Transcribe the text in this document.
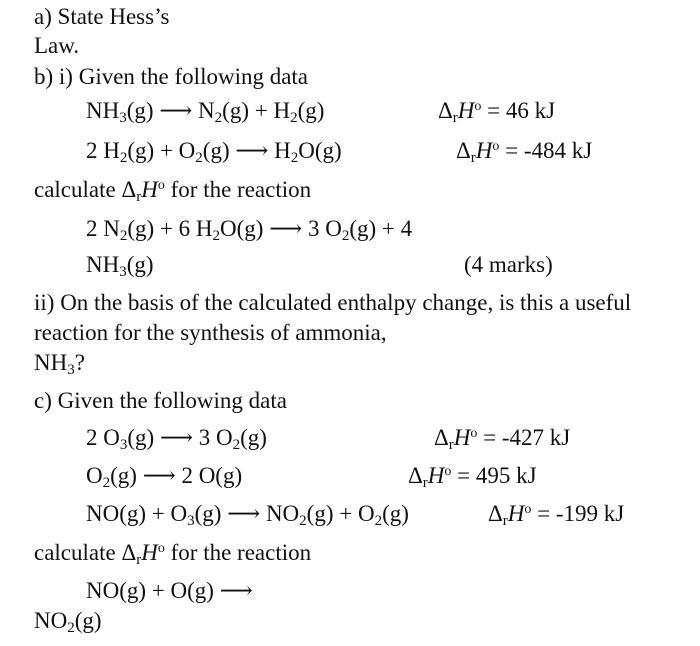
a) State Hess’s
Law.
b) i) Given the following data
$NH_3(g)$ ⟶ $N_2(g) + H_2(g)$	$\Delta_rH^o = 46$ kJ
2 $H_2(g) + O_2(g)$ ⟶ $H_2O(g)$	$\Delta_rH^o = -484$ kJ
calculate $\Delta_rH^o$ for the reaction
2 $N_2(g) + 6$ $H_2O(g)$ ⟶ 3 $O_2(g) + 4$
$NH_3(g)$	(4 marks)
ii) On the basis of the calculated enthalpy change, is this a useful
reaction for the synthesis of ammonia,
$NH_3$?
c) Given the following data
2 $O_3(g)$ ⟶ 3 $O_2(g)$	$\Delta_rH^o = -427$ kJ
$O_2(g)$ ⟶ 2 O(g)	$\Delta_rH^o = 495$ kJ
$NO(g) + O_3(g)$ ⟶ $NO_2(g) + O_2(g)$	$\Delta_rH^o = -199$ kJ
calculate $\Delta_rH^o$ for the reaction
NO(g) + O(g) ⟶
$NO_2(g)$
